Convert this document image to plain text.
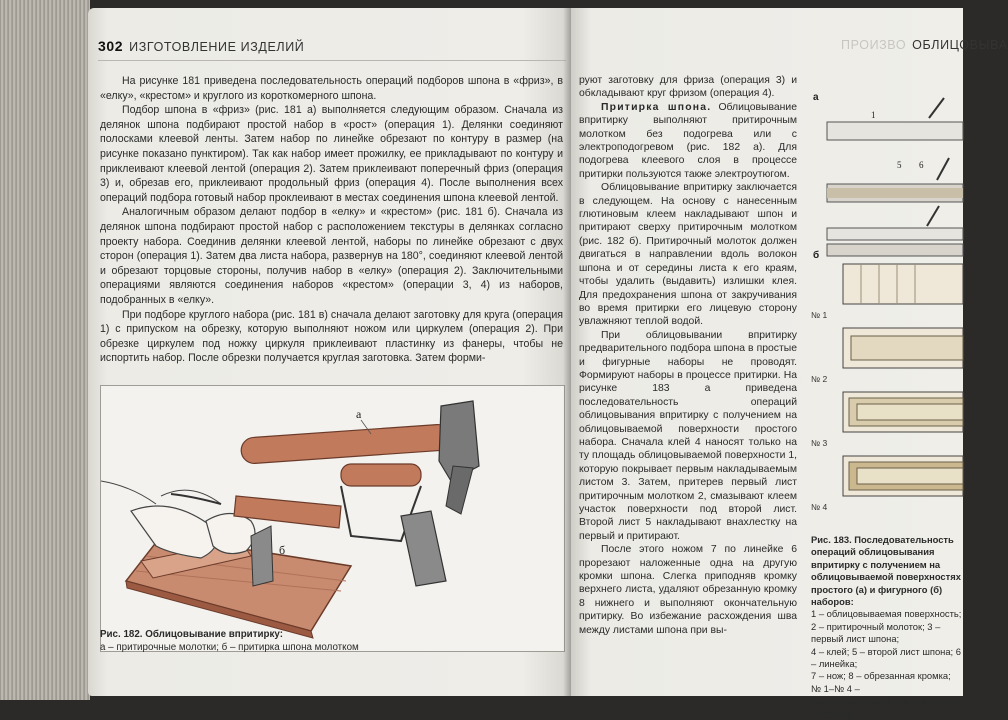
302 ИЗГОТОВЛЕНИЕ ИЗДЕЛИЙ

На рисунке 181 приведена последовательность операций подборов шпона в «фриз», в «елку», «крестом» и круглого из короткомерного шпона.

Подбор шпона в «фриз» (рис. 181 а) выполняется следующим образом. Сначала из делянок шпона подбирают простой набор в «рост» (операция 1). Делянки соединяют полосками клеевой ленты. Затем набор по линейке обрезают по контуру в размер (на рисунке показано пунктиром). Так как набор имеет прожилку, ее прикладывают по контуру и приклеивают клеевой лентой (операция 2). Затем приклеивают поперечный фриз (операция 3) и, обрезав его, приклеивают продольный фриз (операция 4). После выполнения всех операций подбора готовый набор проклеивают в местах соединения шпона клеевой лентой.

Аналогичным образом делают подбор в «елку» и «крестом» (рис. 181 б). Сначала из делянок шпона подбирают простой набор с расположением текстуры в делянках согласно проекту набора. Соединив делянки клеевой лентой, наборы по линейке обрезают с двух сторон (операция 1). Затем два листа набора, развернув на 180°, соединяют клеевой лентой и обрезают торцовые стороны, получив набор в «елку» (операция 2). Заключительными операциями являются соединения наборов «крестом» (операции 3, 4) из наборов, подобранных в «елку».

При подборе круглого набора (рис. 181 в) сначала делают заготовку для круга (операция 1) с припуском на обрезку, которую выполняют ножом или циркулем (операция 2). При обрезке циркулем под ножку циркуля приклеивают пластинку из фанеры, чтобы не испортить набор. После обрезки получается круглая заготовка. Затем форми-

а
б
Рис. 182. Облицовывание впритирку:
а – притирочные молотки; б – притирка шпона молотком
ПРОИЗВО ОБЛИЦОВЫВА

руют заготовку для фриза (операция 3) и обкладывают круг фризом (операция 4).

Притирка шпона. Облицовывание впритирку выполняют притирочным молотком без подогрева или с электроподогревом (рис. 182 а). Для подогрева клеевого слоя в процессе притирки пользуются также электроутюгом.

Облицовывание впритирку заключается в следующем. На основу с нанесенным глютиновым клеем накладывают шпон и притирают сверху притирочным молотком (рис. 182 б). Притирочный молоток должен двигаться в направлении вдоль волокон шпона и от середины листа к его краям, чтобы удалить (выдавить) излишки клея. Для предохранения шпона от закручивания во время притирки его лицевую сторону увлажняют теплой водой.

При облицовывании впритирку предварительного подбора шпона в простые и фигурные наборы не проводят. Формируют наборы в процессе притирки. На рисунке 183 а приведена последовательность операций облицовывания впритирку с получением на облицовываемой поверхности простого набора. Сначала клей 4 наносят только на ту площадь облицовываемой поверхности 1, которую покрывает первым накладываемым листом 3. Затем, притерев первый лист притирочным молотком 2, смазывают клеем участок поверхности под второй лист. Второй лист 5 накладывают внахлестку на первый и притирают.

После этого ножом 7 по линейке 6 прорезают наложенные одна на другую кромки шпона. Слегка приподняв кромку верхнего листа, удаляют обрезанную кромку 8 нижнего и выполняют окончательную притирку. Во избежание расхождения шва между листами шпона при вы-

а
б
1
5 6
№ 1
№ 2
№ 3
№ 4
Рис. 183. Последовательность операций облицовывания впритирку с получением на облицовываемой поверхностях простого (а) и фигурного (б) наборов:
1 – облицовываемая поверхность; 2 – притирочный молоток; 3 – первый лист шпона;
4 – клей; 5 – второй лист шпона; 6 – линейка;
7 – нож; 8 – обрезанная кромка; № 1–№ 4 –
последовательность выполнения операций
